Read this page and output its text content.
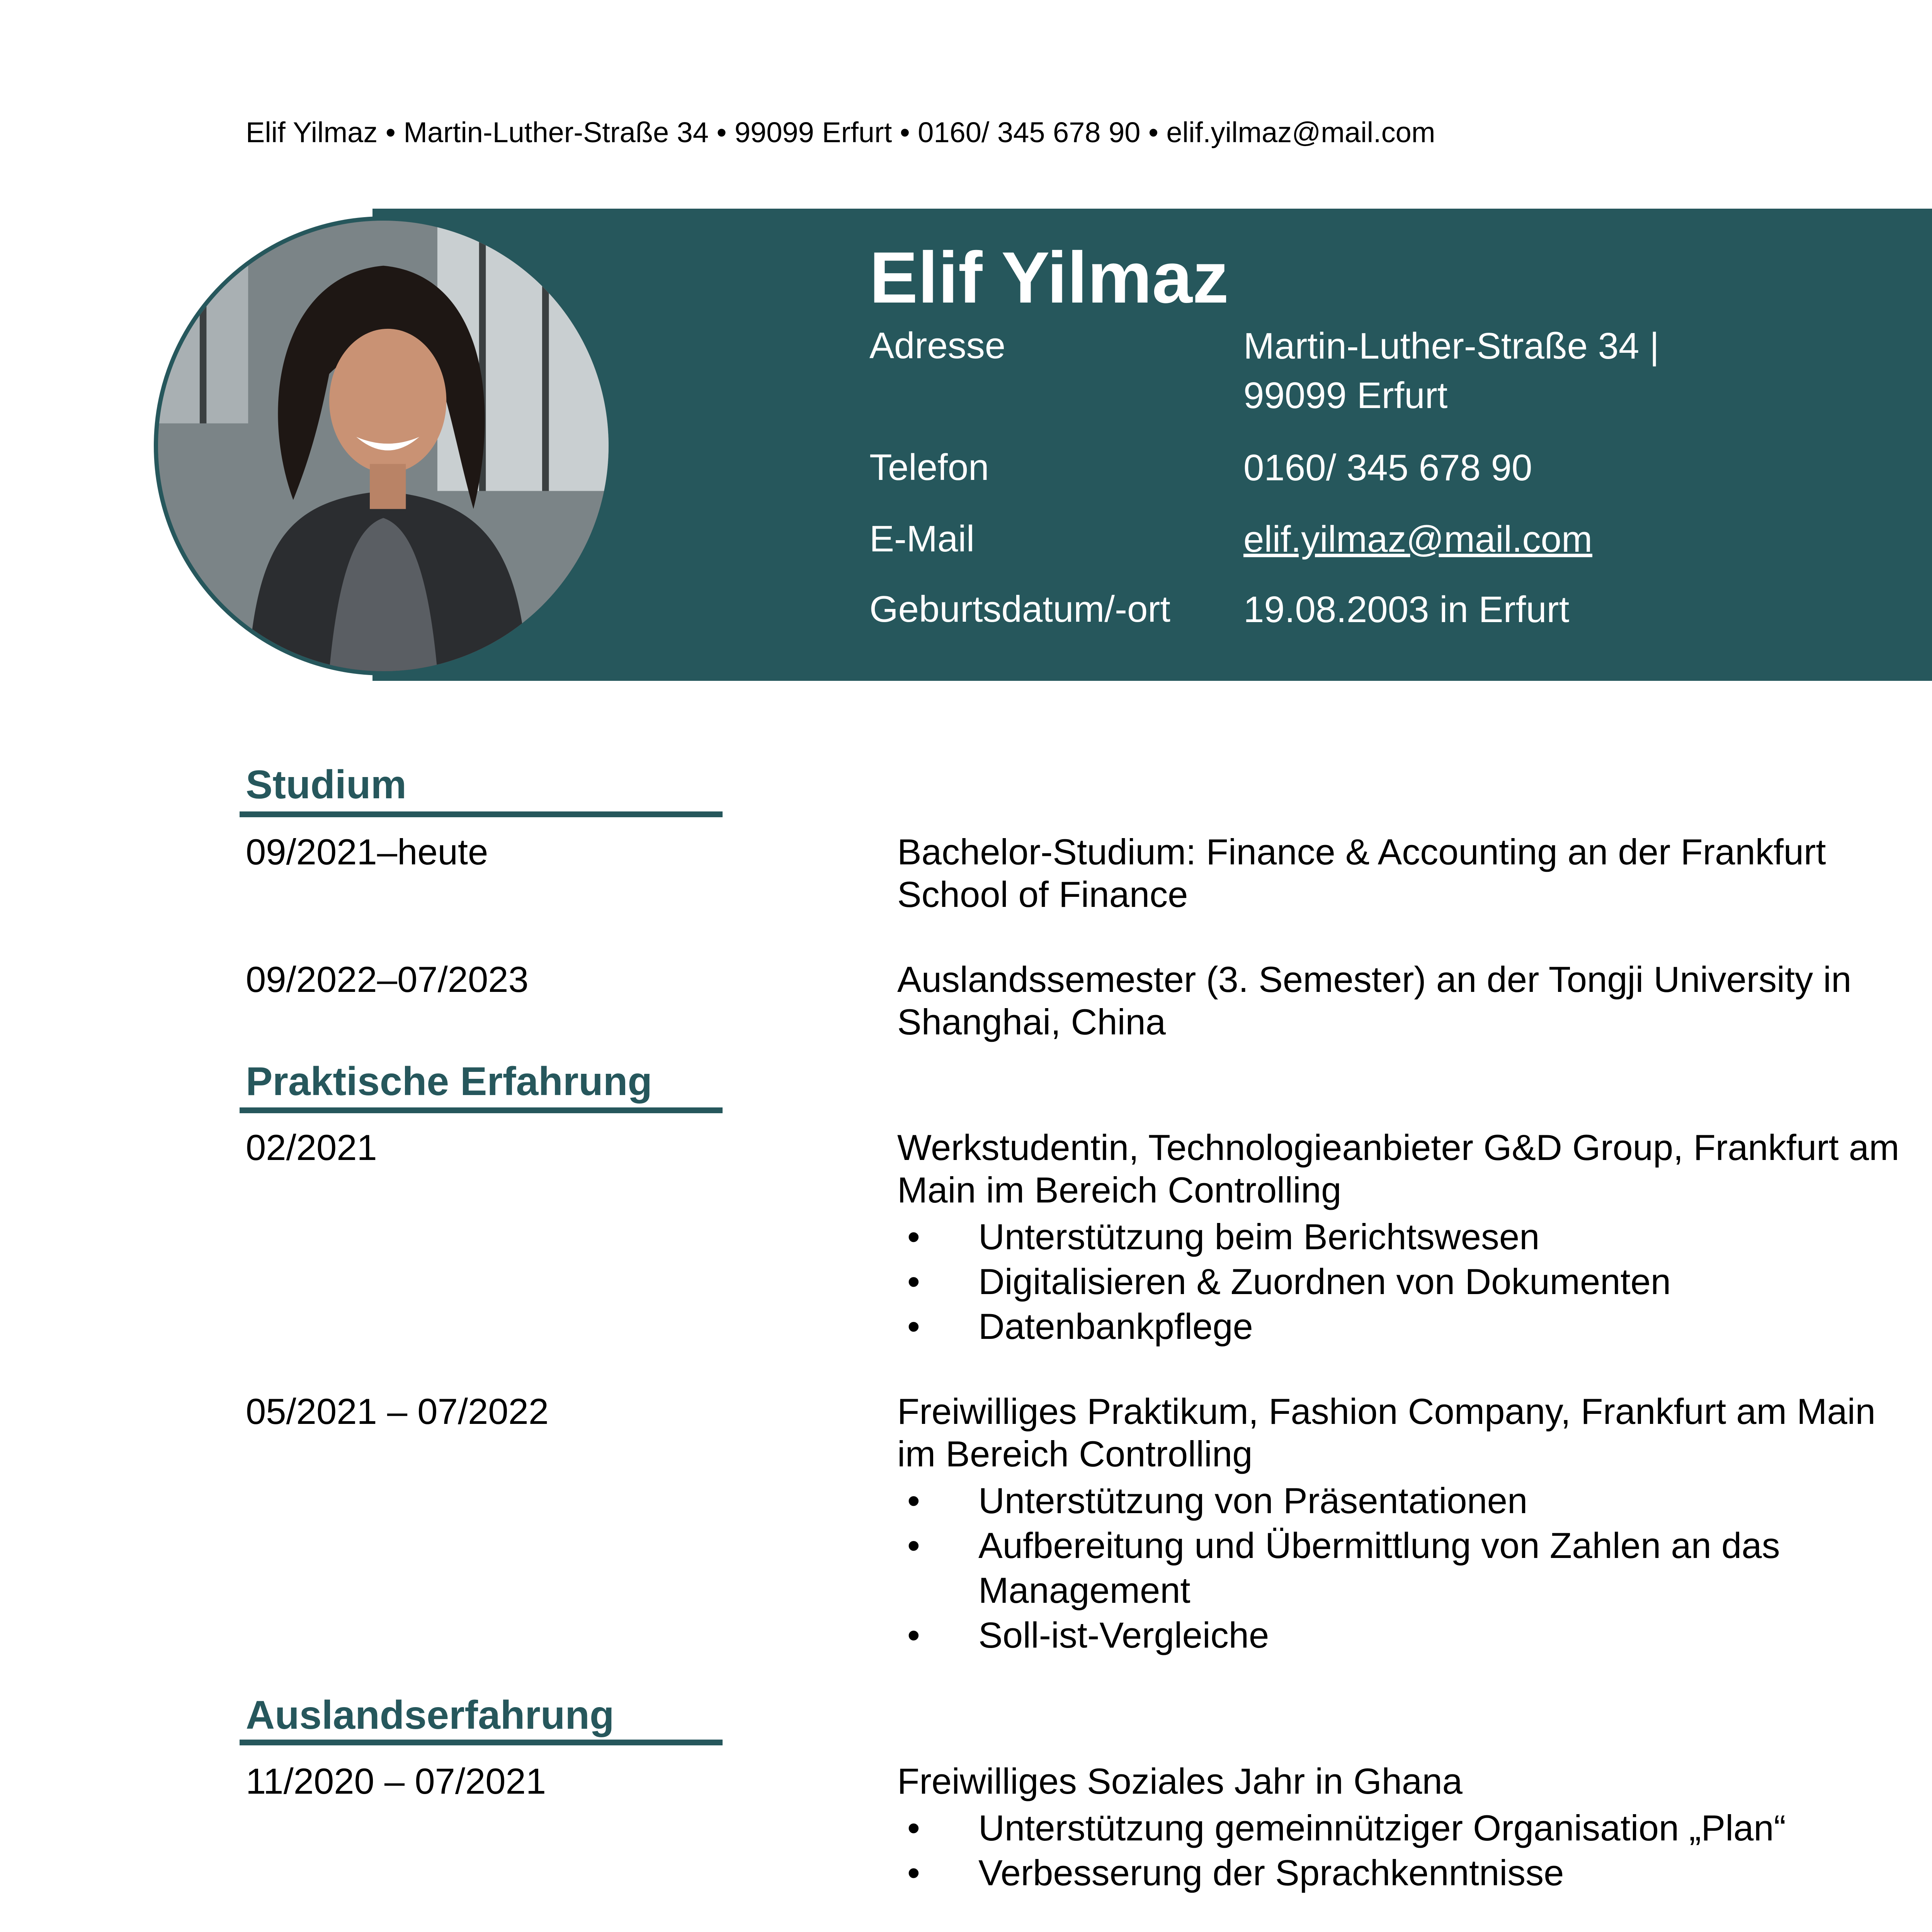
Elif Yilmaz • Martin-Luther-Straße 34 • 99099 Erfurt • 0160/ 345 678 90 • elif.yilmaz@mail.com
Elif Yilmaz
Adresse	Martin-Luther-Straße 34 |
99099 Erfurt
Telefon	0160/ 345 678 90
E-Mail	elif.yilmaz@mail.com
Geburtsdatum/-ort 19.08.2003 in Erfurt
Studium
09/2021–heute	Bachelor-Studium: Finance & Accounting an der Frankfurt School of Finance

09/2022–07/2023	Auslandssemester (3. Semester) an der Tongji University in Shanghai, China

Praktische Erfahrung
02/2021	Werkstudentin, Technologieanbieter G&D Group, Frankfurt am Main im Bereich Controlling

• Unterstützung beim Berichtswesen
• Digitalisieren & Zuordnen von Dokumenten
• Datenbankpflege
05/2021 – 07/2022	Freiwilliges Praktikum, Fashion Company, Frankfurt am Main im Bereich Controlling

• Unterstützung von Präsentationen
• Aufbereitung und Übermittlung von Zahlen an das Management
• Soll-ist-Vergleiche
Auslandserfahrung
11/2020 – 07/2021	Freiwilliges Soziales Jahr in Ghana

• Unterstützung gemeinnütziger Organisation „Plan“
• Verbesserung der Sprachkenntnisse
